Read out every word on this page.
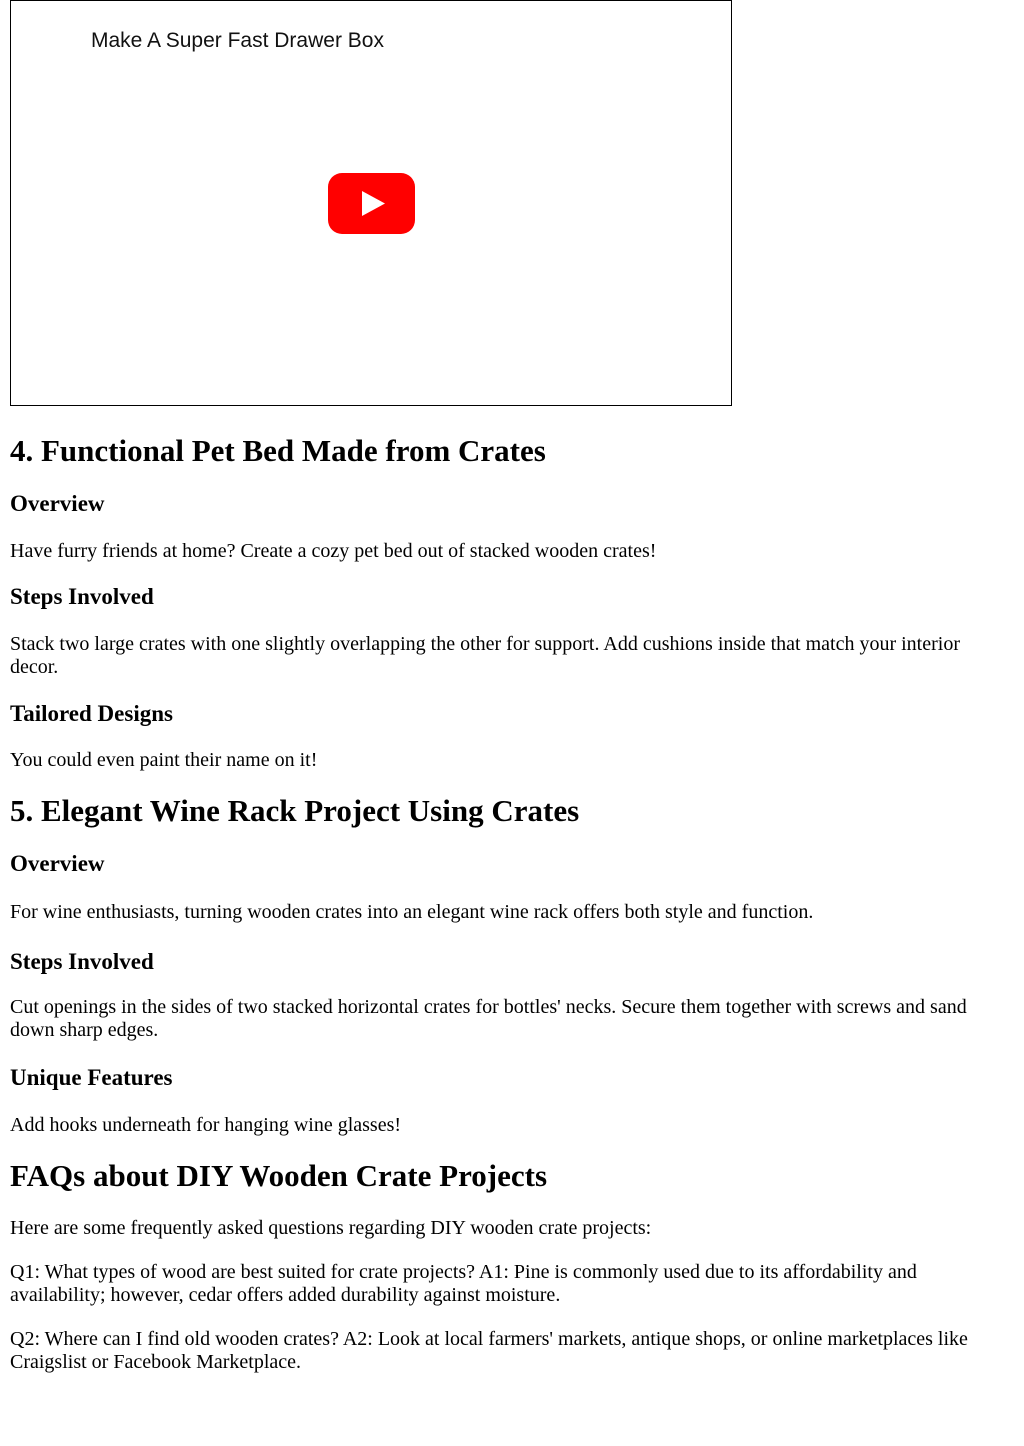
Make A Super Fast Drawer Box
4. Functional Pet Bed Made from Crates
Overview

Have furry friends at home? Create a cozy pet bed out of stacked wooden crates!

Steps Involved

Stack two large crates with one slightly overlapping the other for support. Add cushions inside that match your interior decor.

Tailored Designs

You could even paint their name on it!

5. Elegant Wine Rack Project Using Crates
Overview

For wine enthusiasts, turning wooden crates into an elegant wine rack offers both style and function.

Steps Involved

Cut openings in the sides of two stacked horizontal crates for bottles' necks. Secure them together with screws and sand down sharp edges.

Unique Features

Add hooks underneath for hanging wine glasses!

FAQs about DIY Wooden Crate Projects

Here are some frequently asked questions regarding DIY wooden crate projects:

Q1: What types of wood are best suited for crate projects? A1: Pine is commonly used due to its affordability and availability; however, cedar offers added durability against moisture.

Q2: Where can I find old wooden crates? A2: Look at local farmers' markets, antique shops, or online marketplaces like Craigslist or Facebook Marketplace.
